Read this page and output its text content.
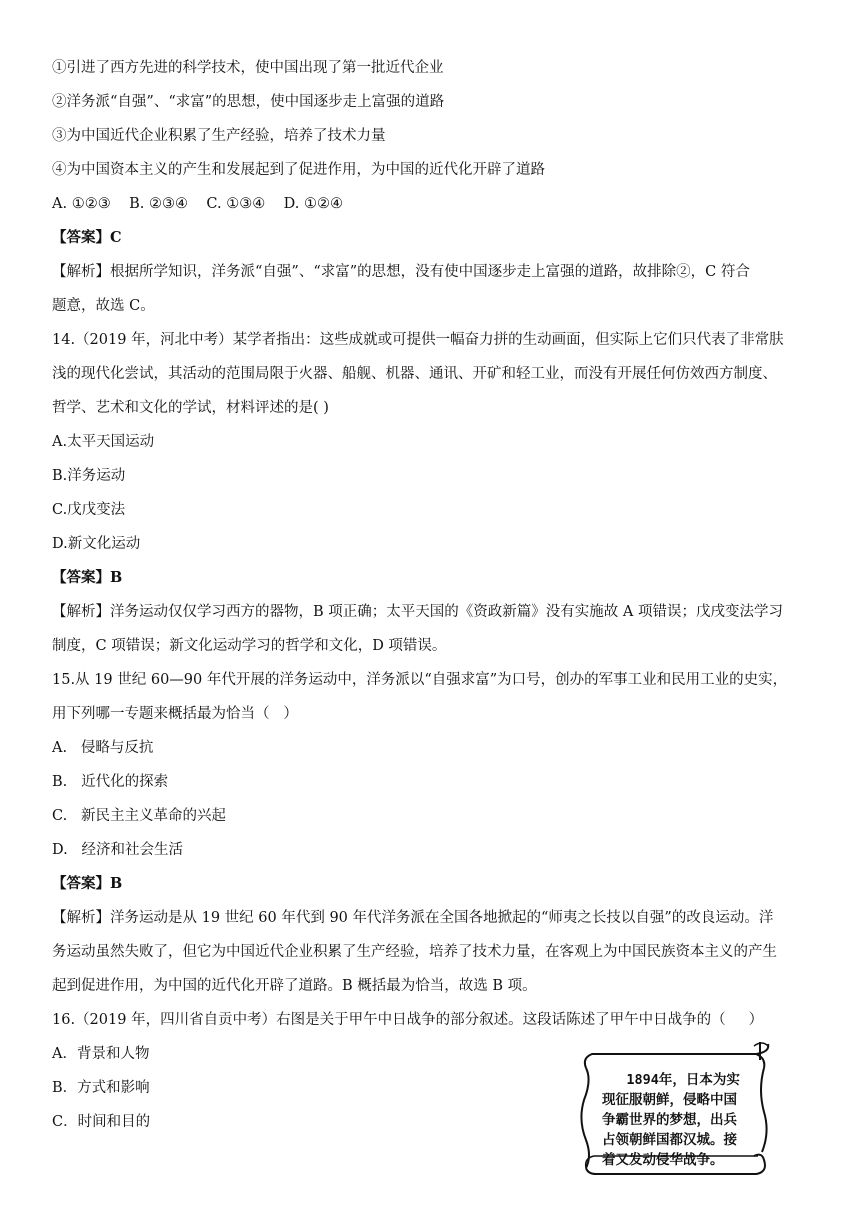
①引进了西方先进的科学技术，使中国出现了第一批近代企业
②洋务派“自强”、“求富”的思想，使中国逐步走上富强的道路
③为中国近代企业积累了生产经验，培养了技术力量
④为中国资本主义的产生和发展起到了促进作用，为中国的近代化开辟了道路
A. ①②③    B. ②③④    C. ①③④    D. ①②④
【答案】C
【解析】根据所学知识，洋务派“自强”、“求富”的思想，没有使中国逐步走上富强的道路，故排除②，C 符合
题意，故选 C。
14.（2019 年，河北中考）某学者指出：这些成就或可提供一幅奋力拼的生动画面，但实际上它们只代表了非常肤
浅的现代化尝试，其活动的范围局限于火器、船舰、机器、通讯、开矿和轻工业，而没有开展任何仿效西方制度、
哲学、艺术和文化的学试，材料评述的是( )
A.太平天国运动
B.洋务运动
C.戊戊变法
D.新文化运动
【答案】B
【解析】洋务运动仅仅学习西方的器物，B 项正确；太平天国的《资政新篇》没有实施故 A 项错误；戊戌变法学习
制度，C 项错误；新文化运动学习的哲学和文化，D 项错误。
15.从 19 世纪 60—90 年代开展的洋务运动中，洋务派以“自强求富”为口号，创办的军事工业和民用工业的史实，
用下列哪一专题来概括最为恰当（   ）
A.   侵略与反抗
B.   近代化的探索
C.   新民主主义革命的兴起
D.   经济和社会生活
【答案】B
【解析】洋务运动是从 19 世纪 60 年代到 90 年代洋务派在全国各地掀起的“师夷之长技以自强”的改良运动。洋
务运动虽然失败了，但它为中国近代企业积累了生产经验，培养了技术力量，在客观上为中国民族资本主义的产生
起到促进作用，为中国的近代化开辟了道路。B 概括最为恰当，故选 B 项。
16.（2019 年，四川省自贡中考）右图是关于甲午中日战争的部分叙述。这段话陈述了甲午中日战争的（     ）
A．背景和人物
B．方式和影响
C．时间和目的
1894年，日本为实
现征服朝鲜，侵略中国
争霸世界的梦想，出兵
占领朝鲜国都汉城。接
着又发动侵华战争。
